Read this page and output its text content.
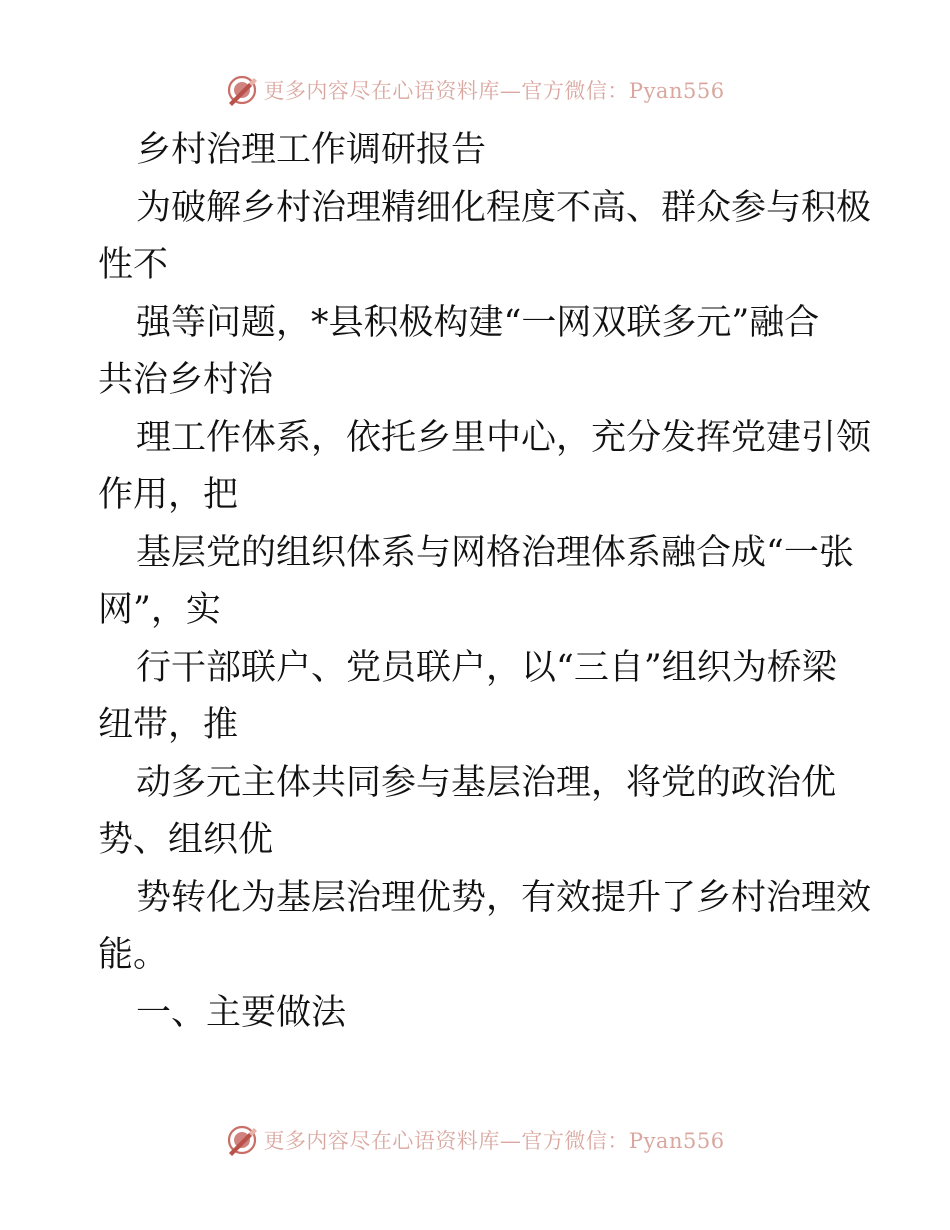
更多内容尽在心语资料库—官方微信：Pyan556
乡村治理工作调研报告
为破解乡村治理精细化程度不高、群众参与积极
性不
强等问题，*县积极构建“一网双联多元”融合
共治乡村治
理工作体系，依托乡里中心，充分发挥党建引领
作用，把
基层党的组织体系与网格治理体系融合成“一张
网”，实
行干部联户、党员联户，以“三自”组织为桥梁
纽带，推
动多元主体共同参与基层治理，将党的政治优
势、组织优
势转化为基层治理优势，有效提升了乡村治理效
能。
一、主要做法
更多内容尽在心语资料库—官方微信：Pyan556
